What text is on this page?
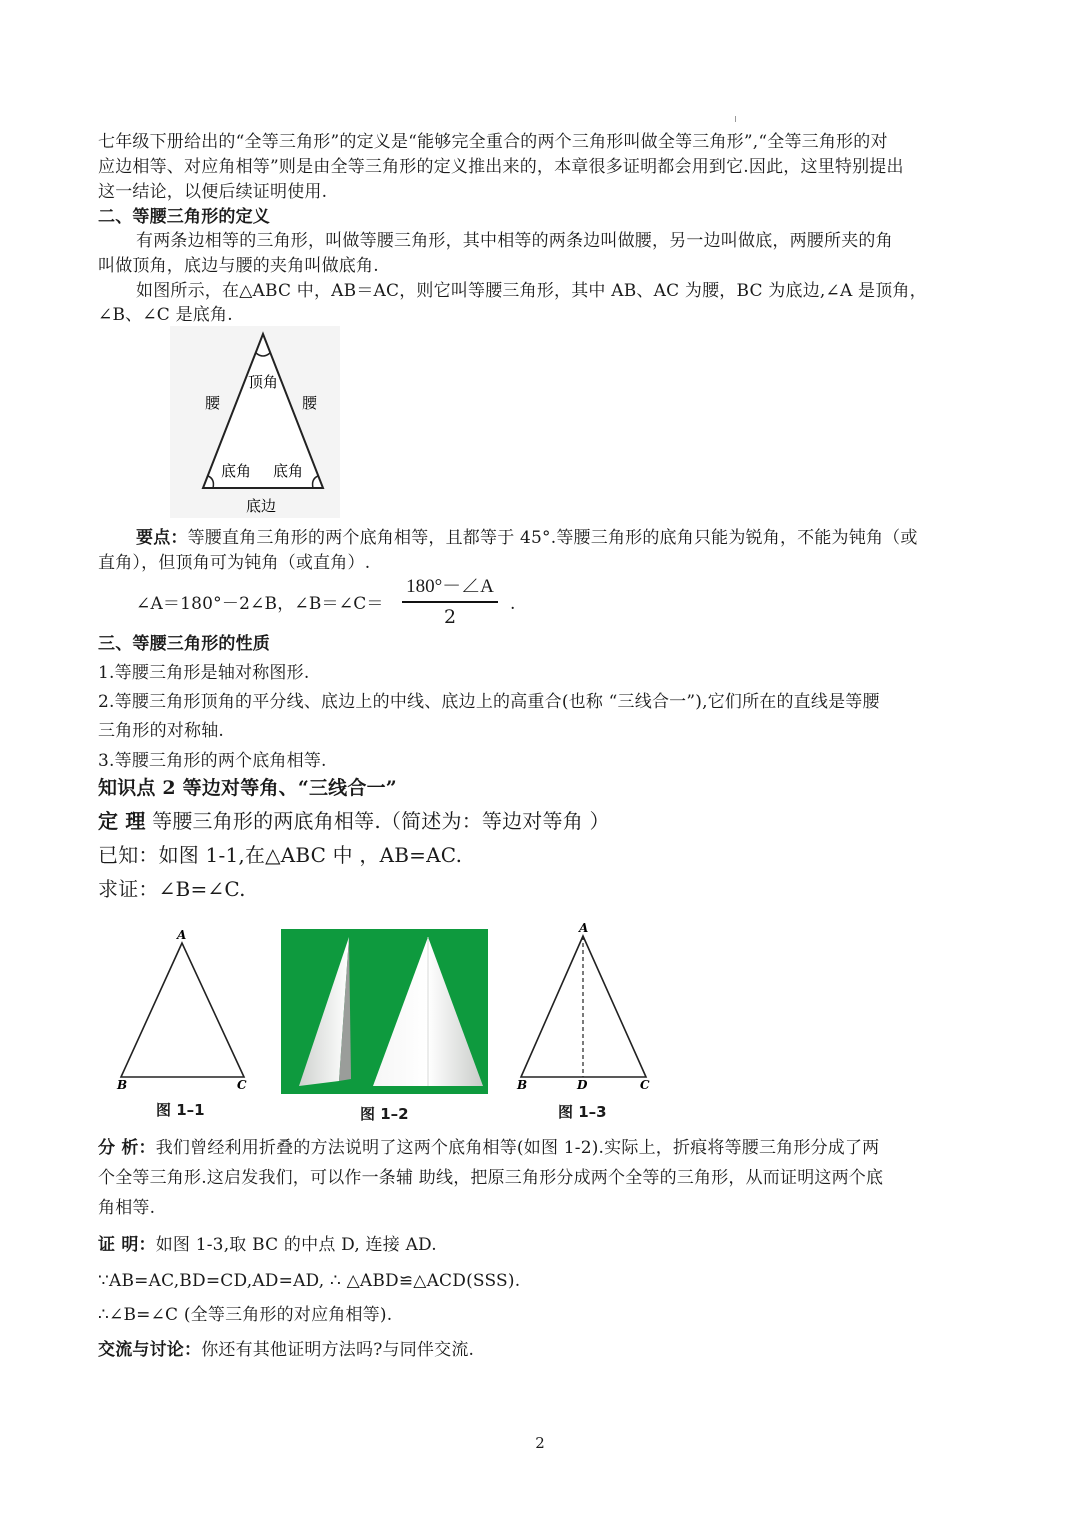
七年级下册给出的“全等三角形”的定义是“能够完全重合的两个三角形叫做全等三角形”,“全等三角形的对
应边相等、对应角相等”则是由全等三角形的定义推出来的，本章很多证明都会用到它.因此，这里特别提出
这一结论，以便后续证明使用.
二、等腰三角形的定义
有两条边相等的三角形，叫做等腰三角形，其中相等的两条边叫做腰，另一边叫做底，两腰所夹的角
叫做顶角，底边与腰的夹角叫做底角.
如图所示，在△ABC 中，AB＝AC，则它叫等腰三角形，其中 AB、AC 为腰，BC 为底边,∠A 是顶角，
∠B、∠C 是底角.
顶角
腰	腰
底角 底角
底边
要点：等腰直角三角形的两个底角相等，且都等于 45°.等腰三角形的底角只能为锐角，不能为钝角（或
直角），但顶角可为钝角（或直角）.
∠A＝180°－2∠B，∠B＝∠C＝
180°－∠A
2
.
三、等腰三角形的性质
1.等腰三角形是轴对称图形.
2.等腰三角形顶角的平分线、底边上的中线、底边上的高重合(也称 “三线合一”),它们所在的直线是等腰
三角形的对称轴.
3.等腰三角形的两个底角相等.
知识点 2 等边对等角、“三线合一”
定 理 等腰三角形的两底角相等.（简述为：等边对等角 ）
已知：如图 1-1,在△ABC 中 ，AB=AC.
求证：∠B=∠C.
A
B	C
图 1–1	图 1–2
A
B	D	C
图 1–3
分 析：我们曾经利用折叠的方法说明了这两个底角相等(如图 1-2).实际上，折痕将等腰三角形分成了两
个全等三角形.这启发我们，可以作一条辅 助线，把原三角形分成两个全等的三角形，从而证明这两个底
角相等.
证 明：如图 1-3,取 BC 的中点 D, 连接 AD.
∵AB=AC,BD=CD,AD=AD, ∴ △ABD≌△ACD(SSS).
∴∠B=∠C (全等三角形的对应角相等).
交流与讨论：你还有其他证明方法吗?与同伴交流.
2
